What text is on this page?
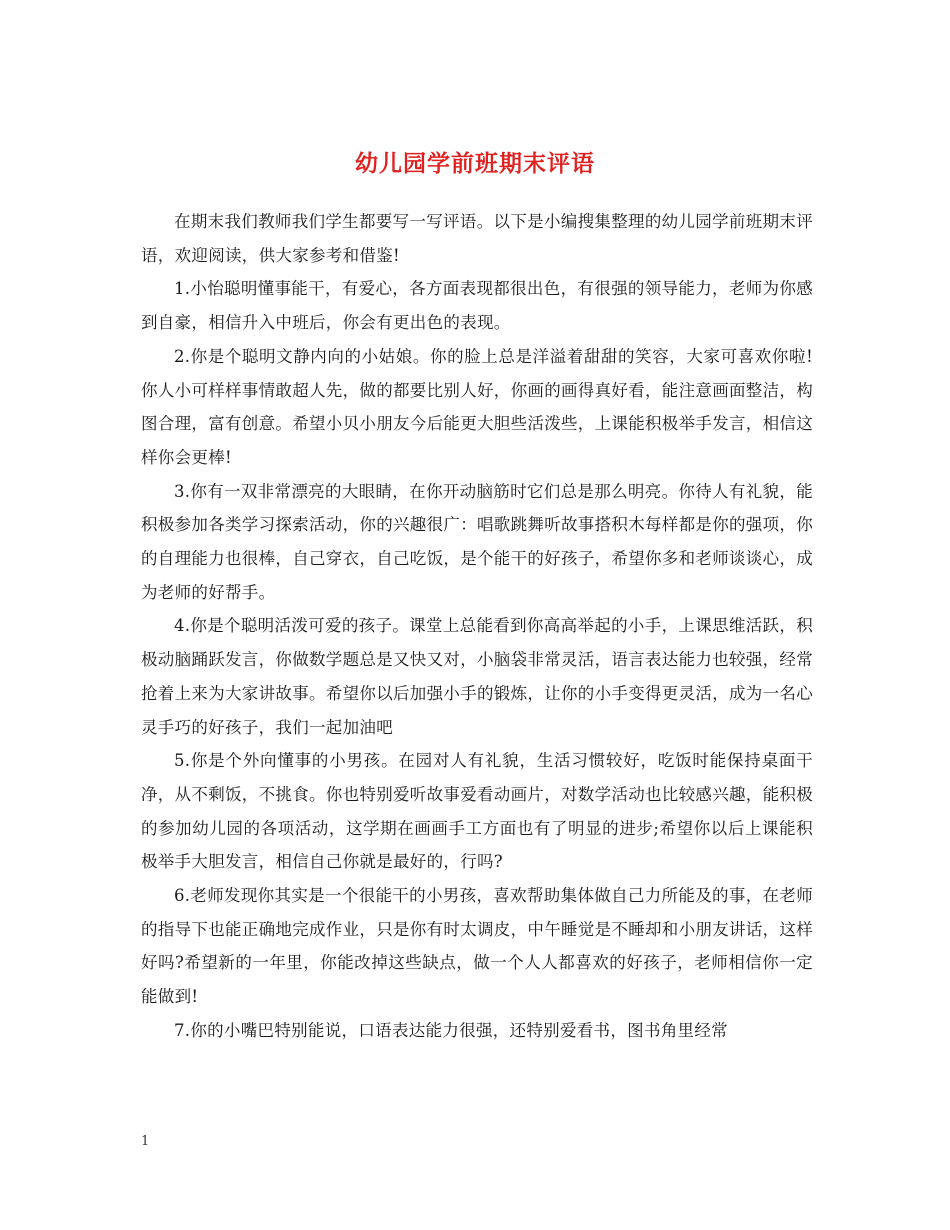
幼儿园学前班期末评语

在期末我们教师我们学生都要写一写评语。以下是小编搜集整理的幼儿园学前班期末评语，欢迎阅读，供大家参考和借鉴!

1.小怡聪明懂事能干，有爱心，各方面表现都很出色，有很强的领导能力，老师为你感到自豪，相信升入中班后，你会有更出色的表现。

2.你是个聪明文静内向的小姑娘。你的脸上总是洋溢着甜甜的笑容，大家可喜欢你啦!你人小可样样事情敢超人先，做的都要比别人好，你画的画得真好看，能注意画面整洁，构图合理，富有创意。希望小贝小朋友今后能更大胆些活泼些，上课能积极举手发言，相信这样你会更棒!

3.你有一双非常漂亮的大眼睛，在你开动脑筋时它们总是那么明亮。你待人有礼貌，能积极参加各类学习探索活动，你的兴趣很广：唱歌跳舞听故事搭积木每样都是你的强项，你的自理能力也很棒，自己穿衣，自己吃饭，是个能干的好孩子，希望你多和老师谈谈心，成为老师的好帮手。

4.你是个聪明活泼可爱的孩子。课堂上总能看到你高高举起的小手，上课思维活跃，积极动脑踊跃发言，你做数学题总是又快又对，小脑袋非常灵活，语言表达能力也较强，经常抢着上来为大家讲故事。希望你以后加强小手的锻炼，让你的小手变得更灵活，成为一名心灵手巧的好孩子，我们一起加油吧

5.你是个外向懂事的小男孩。在园对人有礼貌，生活习惯较好，吃饭时能保持桌面干净，从不剩饭，不挑食。你也特别爱听故事爱看动画片，对数学活动也比较感兴趣，能积极的参加幼儿园的各项活动，这学期在画画手工方面也有了明显的进步;希望你以后上课能积极举手大胆发言，相信自己你就是最好的，行吗?

6.老师发现你其实是一个很能干的小男孩，喜欢帮助集体做自己力所能及的事，在老师的指导下也能正确地完成作业，只是你有时太调皮，中午睡觉是不睡却和小朋友讲话，这样好吗?希望新的一年里，你能改掉这些缺点，做一个人人都喜欢的好孩子，老师相信你一定能做到!

7.你的小嘴巴特别能说，口语表达能力很强，还特别爱看书，图书角里经常

1
